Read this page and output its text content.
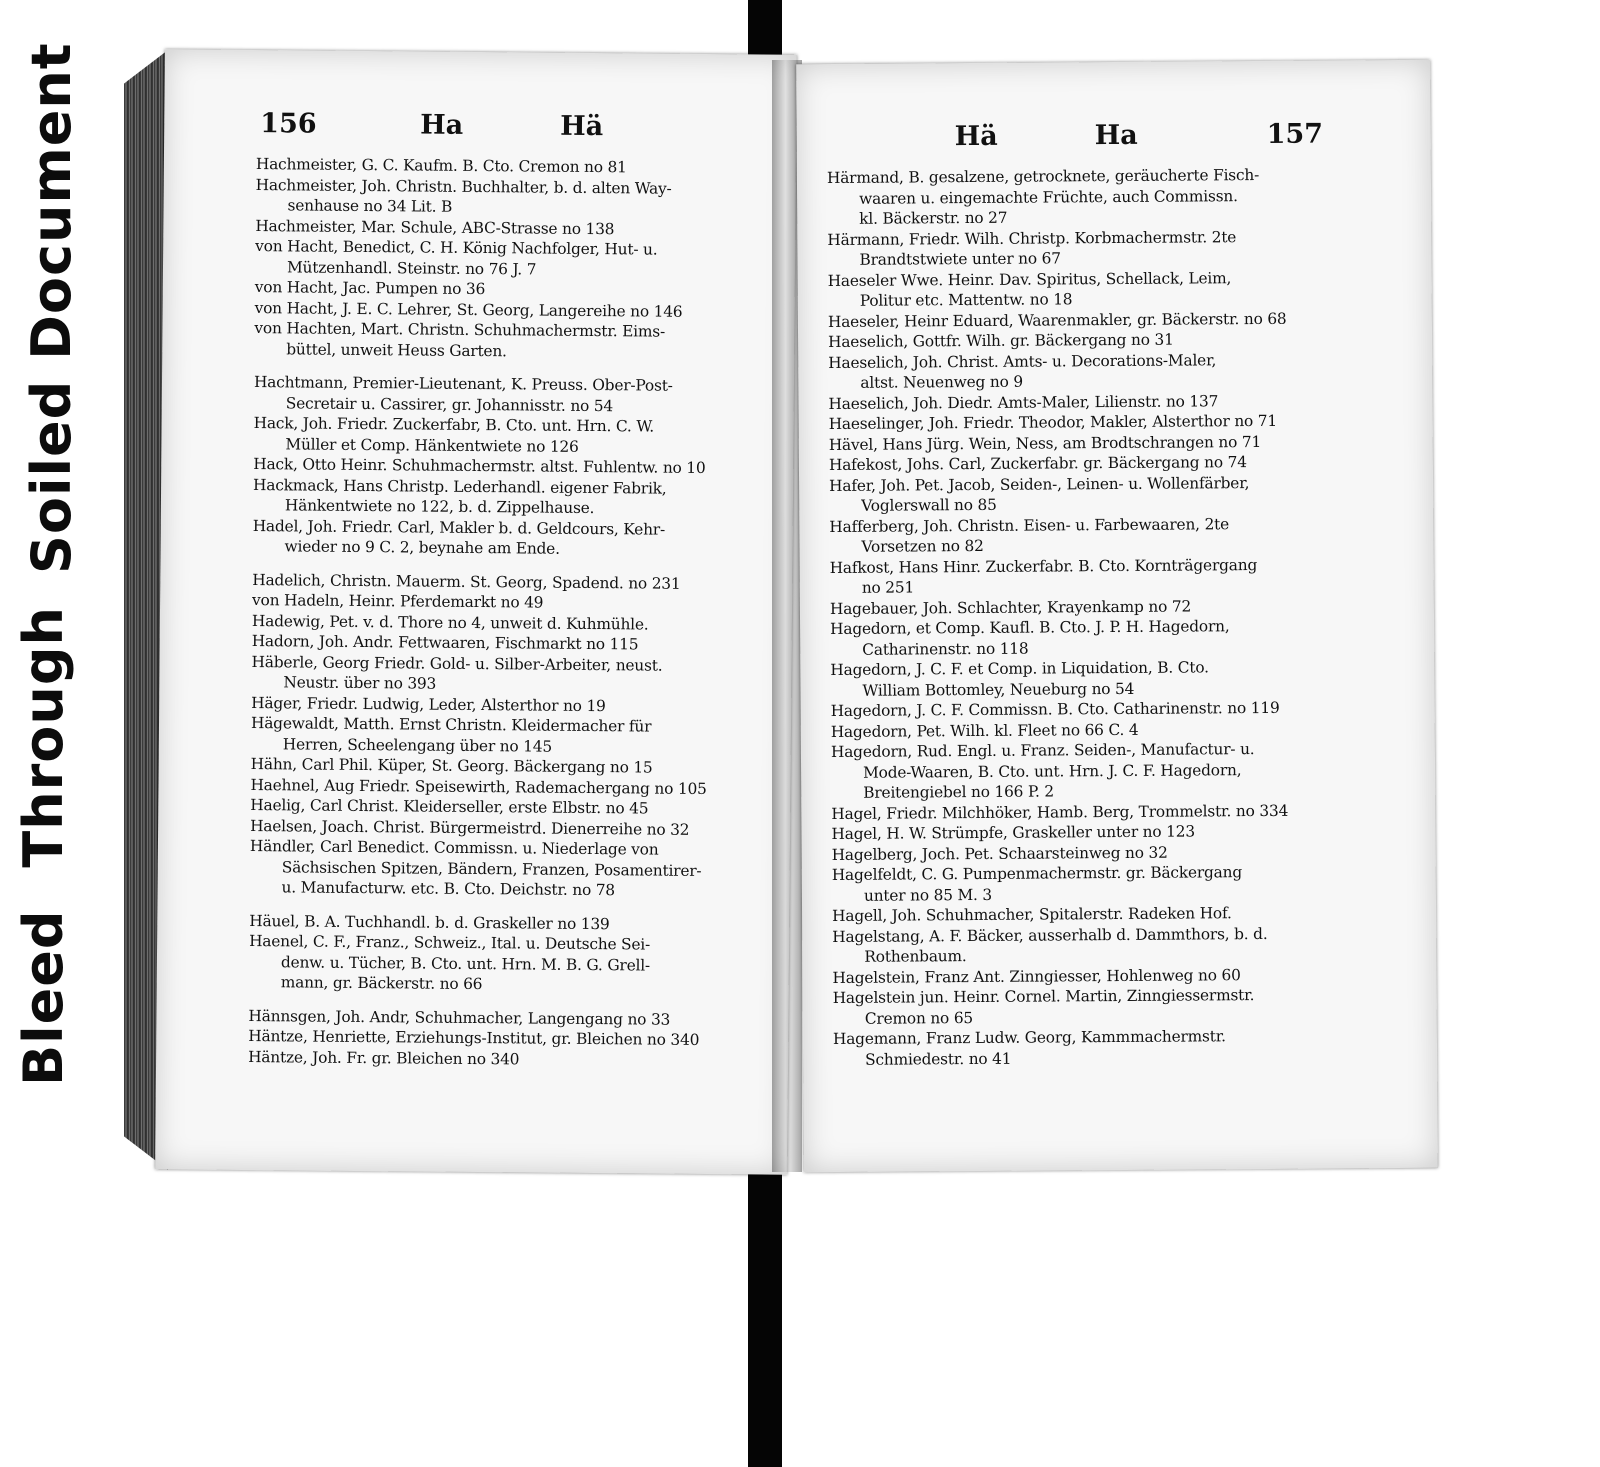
Soiled Document
Bleed Through
156	Ha	Hä
Hachmeister, G. C. Kaufm. B. Cto. Cremon no 81
Hachmeister, Joh. Christn. Buchhalter, b. d. alten Way-
senhause no 34 Lit. B
Hachmeister, Mar. Schule, ABC-Strasse no 138
von Hacht, Benedict, C. H. König Nachfolger, Hut- u.
Mützenhandl. Steinstr. no 76 J. 7
von Hacht, Jac. Pumpen no 36
von Hacht, J. E. C. Lehrer, St. Georg, Langereihe no 146
von Hachten, Mart. Christn. Schuhmachermstr. Eims-
büttel, unweit Heuss Garten.
Hachtmann, Premier-Lieutenant, K. Preuss. Ober-Post-
Secretair u. Cassirer, gr. Johannisstr. no 54
Hack, Joh. Friedr. Zuckerfabr, B. Cto. unt. Hrn. C. W.
Müller et Comp. Hänkentwiete no 126
Hack, Otto Heinr. Schuhmachermstr. altst. Fuhlentw. no 10
Hackmack, Hans Christp. Lederhandl. eigener Fabrik,
Hänkentwiete no 122, b. d. Zippelhause.
Hadel, Joh. Friedr. Carl, Makler b. d. Geldcours, Kehr-
wieder no 9 C. 2, beynahe am Ende.
Hadelich, Christn. Mauerm. St. Georg, Spadend. no 231
von Hadeln, Heinr. Pferdemarkt no 49
Hadewig, Pet. v. d. Thore no 4, unweit d. Kuhmühle.
Hadorn, Joh. Andr. Fettwaaren, Fischmarkt no 115
Häberle, Georg Friedr. Gold- u. Silber-Arbeiter, neust.
Neustr. über no 393
Häger, Friedr. Ludwig, Leder, Alsterthor no 19
Hägewaldt, Matth. Ernst Christn. Kleidermacher für
Herren, Scheelengang über no 145
Hähn, Carl Phil. Küper, St. Georg. Bäckergang no 15
Haehnel, Aug Friedr. Speisewirth, Rademachergang no 105
Haelig, Carl Christ. Kleiderseller, erste Elbstr. no 45
Haelsen, Joach. Christ. Bürgermeistrd. Dienerreihe no 32
Händler, Carl Benedict. Commissn. u. Niederlage von
Sächsischen Spitzen, Bändern, Franzen, Posamentirer-
u. Manufacturw. etc. B. Cto. Deichstr. no 78
Häuel, B. A. Tuchhandl. b. d. Graskeller no 139
Haenel, C. F., Franz., Schweiz., Ital. u. Deutsche Sei-
denw. u. Tücher, B. Cto. unt. Hrn. M. B. G. Grell-
mann, gr. Bäckerstr. no 66
Hännsgen, Joh. Andr, Schuhmacher, Langengang no 33
Häntze, Henriette, Erziehungs-Institut, gr. Bleichen no 340
Häntze, Joh. Fr. gr. Bleichen no 340
Hä	Ha	157
Härmand, B. gesalzene, getrocknete, geräucherte Fisch-
waaren u. eingemachte Früchte, auch Commissn.
kl. Bäckerstr. no 27
Härmann, Friedr. Wilh. Christp. Korbmachermstr. 2te
Brandtstwiete unter no 67
Haeseler Wwe. Heinr. Dav. Spiritus, Schellack, Leim,
Politur etc. Mattentw. no 18
Haeseler, Heinr Eduard, Waarenmakler, gr. Bäckerstr. no 68
Haeselich, Gottfr. Wilh. gr. Bäckergang no 31
Haeselich, Joh. Christ. Amts- u. Decorations-Maler,
altst. Neuenweg no 9
Haeselich, Joh. Diedr. Amts-Maler, Lilienstr. no 137
Haeselinger, Joh. Friedr. Theodor, Makler, Alsterthor no 71
Hävel, Hans Jürg. Wein, Ness, am Brodtschrangen no 71
Hafekost, Johs. Carl, Zuckerfabr. gr. Bäckergang no 74
Hafer, Joh. Pet. Jacob, Seiden-, Leinen- u. Wollenfärber,
Voglerswall no 85
Hafferberg, Joh. Christn. Eisen- u. Farbewaaren, 2te
Vorsetzen no 82
Hafkost, Hans Hinr. Zuckerfabr. B. Cto. Kornträgergang
no 251
Hagebauer, Joh. Schlachter, Krayenkamp no 72
Hagedorn, et Comp. Kaufl. B. Cto. J. P. H. Hagedorn,
Catharinenstr. no 118
Hagedorn, J. C. F. et Comp. in Liquidation, B. Cto.
William Bottomley, Neueburg no 54
Hagedorn, J. C. F. Commissn. B. Cto. Catharinenstr. no 119
Hagedorn, Pet. Wilh. kl. Fleet no 66 C. 4
Hagedorn, Rud. Engl. u. Franz. Seiden-, Manufactur- u.
Mode-Waaren, B. Cto. unt. Hrn. J. C. F. Hagedorn,
Breitengiebel no 166 P. 2
Hagel, Friedr. Milchhöker, Hamb. Berg, Trommelstr. no 334
Hagel, H. W. Strümpfe, Graskeller unter no 123
Hagelberg, Joch. Pet. Schaarsteinweg no 32
Hagelfeldt, C. G. Pumpenmachermstr. gr. Bäckergang
unter no 85 M. 3
Hagell, Joh. Schuhmacher, Spitalerstr. Radeken Hof.
Hagelstang, A. F. Bäcker, ausserhalb d. Dammthors, b. d.
Rothenbaum.
Hagelstein, Franz Ant. Zinngiesser, Hohlenweg no 60
Hagelstein jun. Heinr. Cornel. Martin, Zinngiessermstr.
Cremon no 65
Hagemann, Franz Ludw. Georg, Kammmachermstr.
Schmiedestr. no 41
